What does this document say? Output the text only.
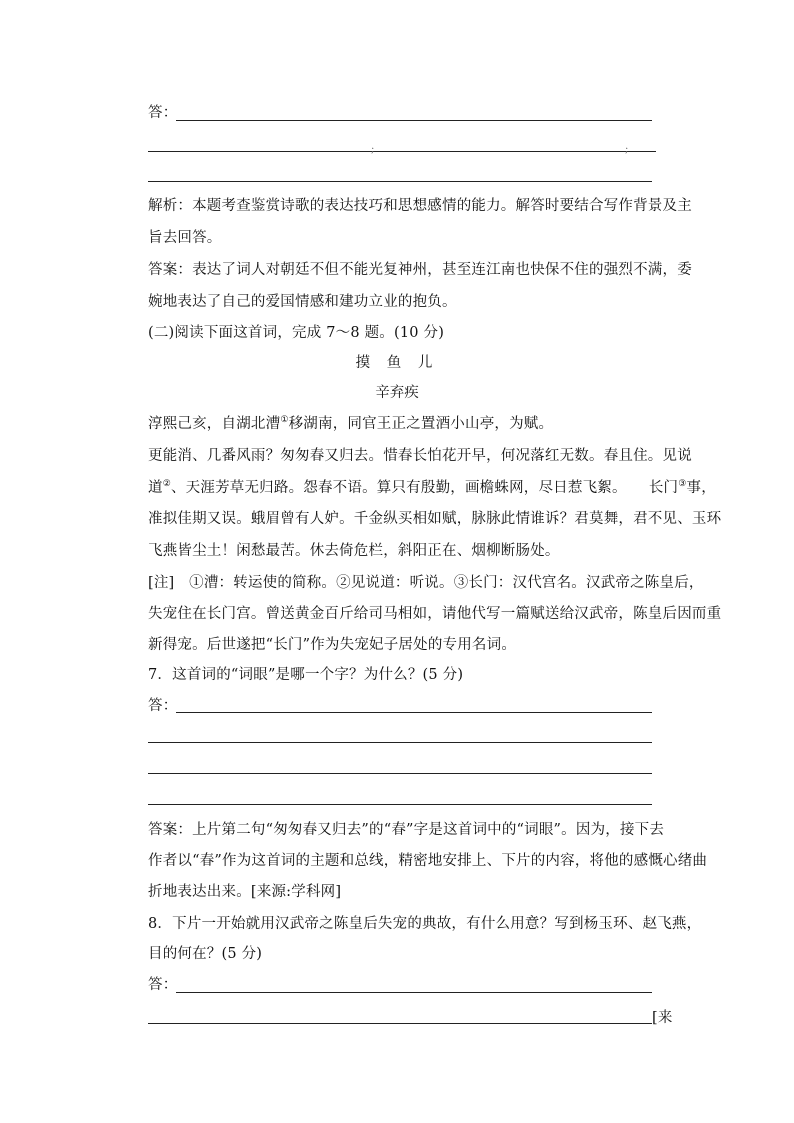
答：
;	;
解析：本题考查鉴赏诗歌的表达技巧和思想感情的能力。解答时要结合写作背景及主
旨去回答。
答案：表达了词人对朝廷不但不能光复神州，甚至连江南也快保不住的强烈不满，委
婉地表达了自己的爱国情感和建功立业的抱负。
(二)阅读下面这首词，完成 7～8 题。(10 分)
摸 鱼 儿
辛弃疾
淳熙己亥，自湖北漕①移湖南，同官王正之置酒小山亭，为赋。
更能消、几番风雨？匆匆春又归去。惜春长怕花开早，何况落红无数。春且住。见说
道②、天涯芳草无归路。怨春不语。算只有殷勤，画檐蛛网，尽日惹飞絮。　　长门③事，
准拟佳期又误。蛾眉曾有人妒。千金纵买相如赋，脉脉此情谁诉？君莫舞，君不见、玉环
飞燕皆尘土！闲愁最苦。休去倚危栏，斜阳正在、烟柳断肠处。
[注]　①漕：转运使的简称。②见说道：听说。③长门：汉代宫名。汉武帝之陈皇后，
失宠住在长门宫。曾送黄金百斤给司马相如，请他代写一篇赋送给汉武帝，陈皇后因而重
新得宠。后世遂把“长门”作为失宠妃子居处的专用名词。
7．这首词的“词眼”是哪一个字？为什么？(5 分)
答：
答案：上片第二句“匆匆春又归去”的“春”字是这首词中的“词眼”。因为，接下去
作者以“春”作为这首词的主题和总线，精密地安排上、下片的内容，将他的感慨心绪曲
折地表达出来。[来源:学科网]
8．下片一开始就用汉武帝之陈皇后失宠的典故，有什么用意？写到杨玉环、赵飞燕，
目的何在？(5 分)
答：
[来
